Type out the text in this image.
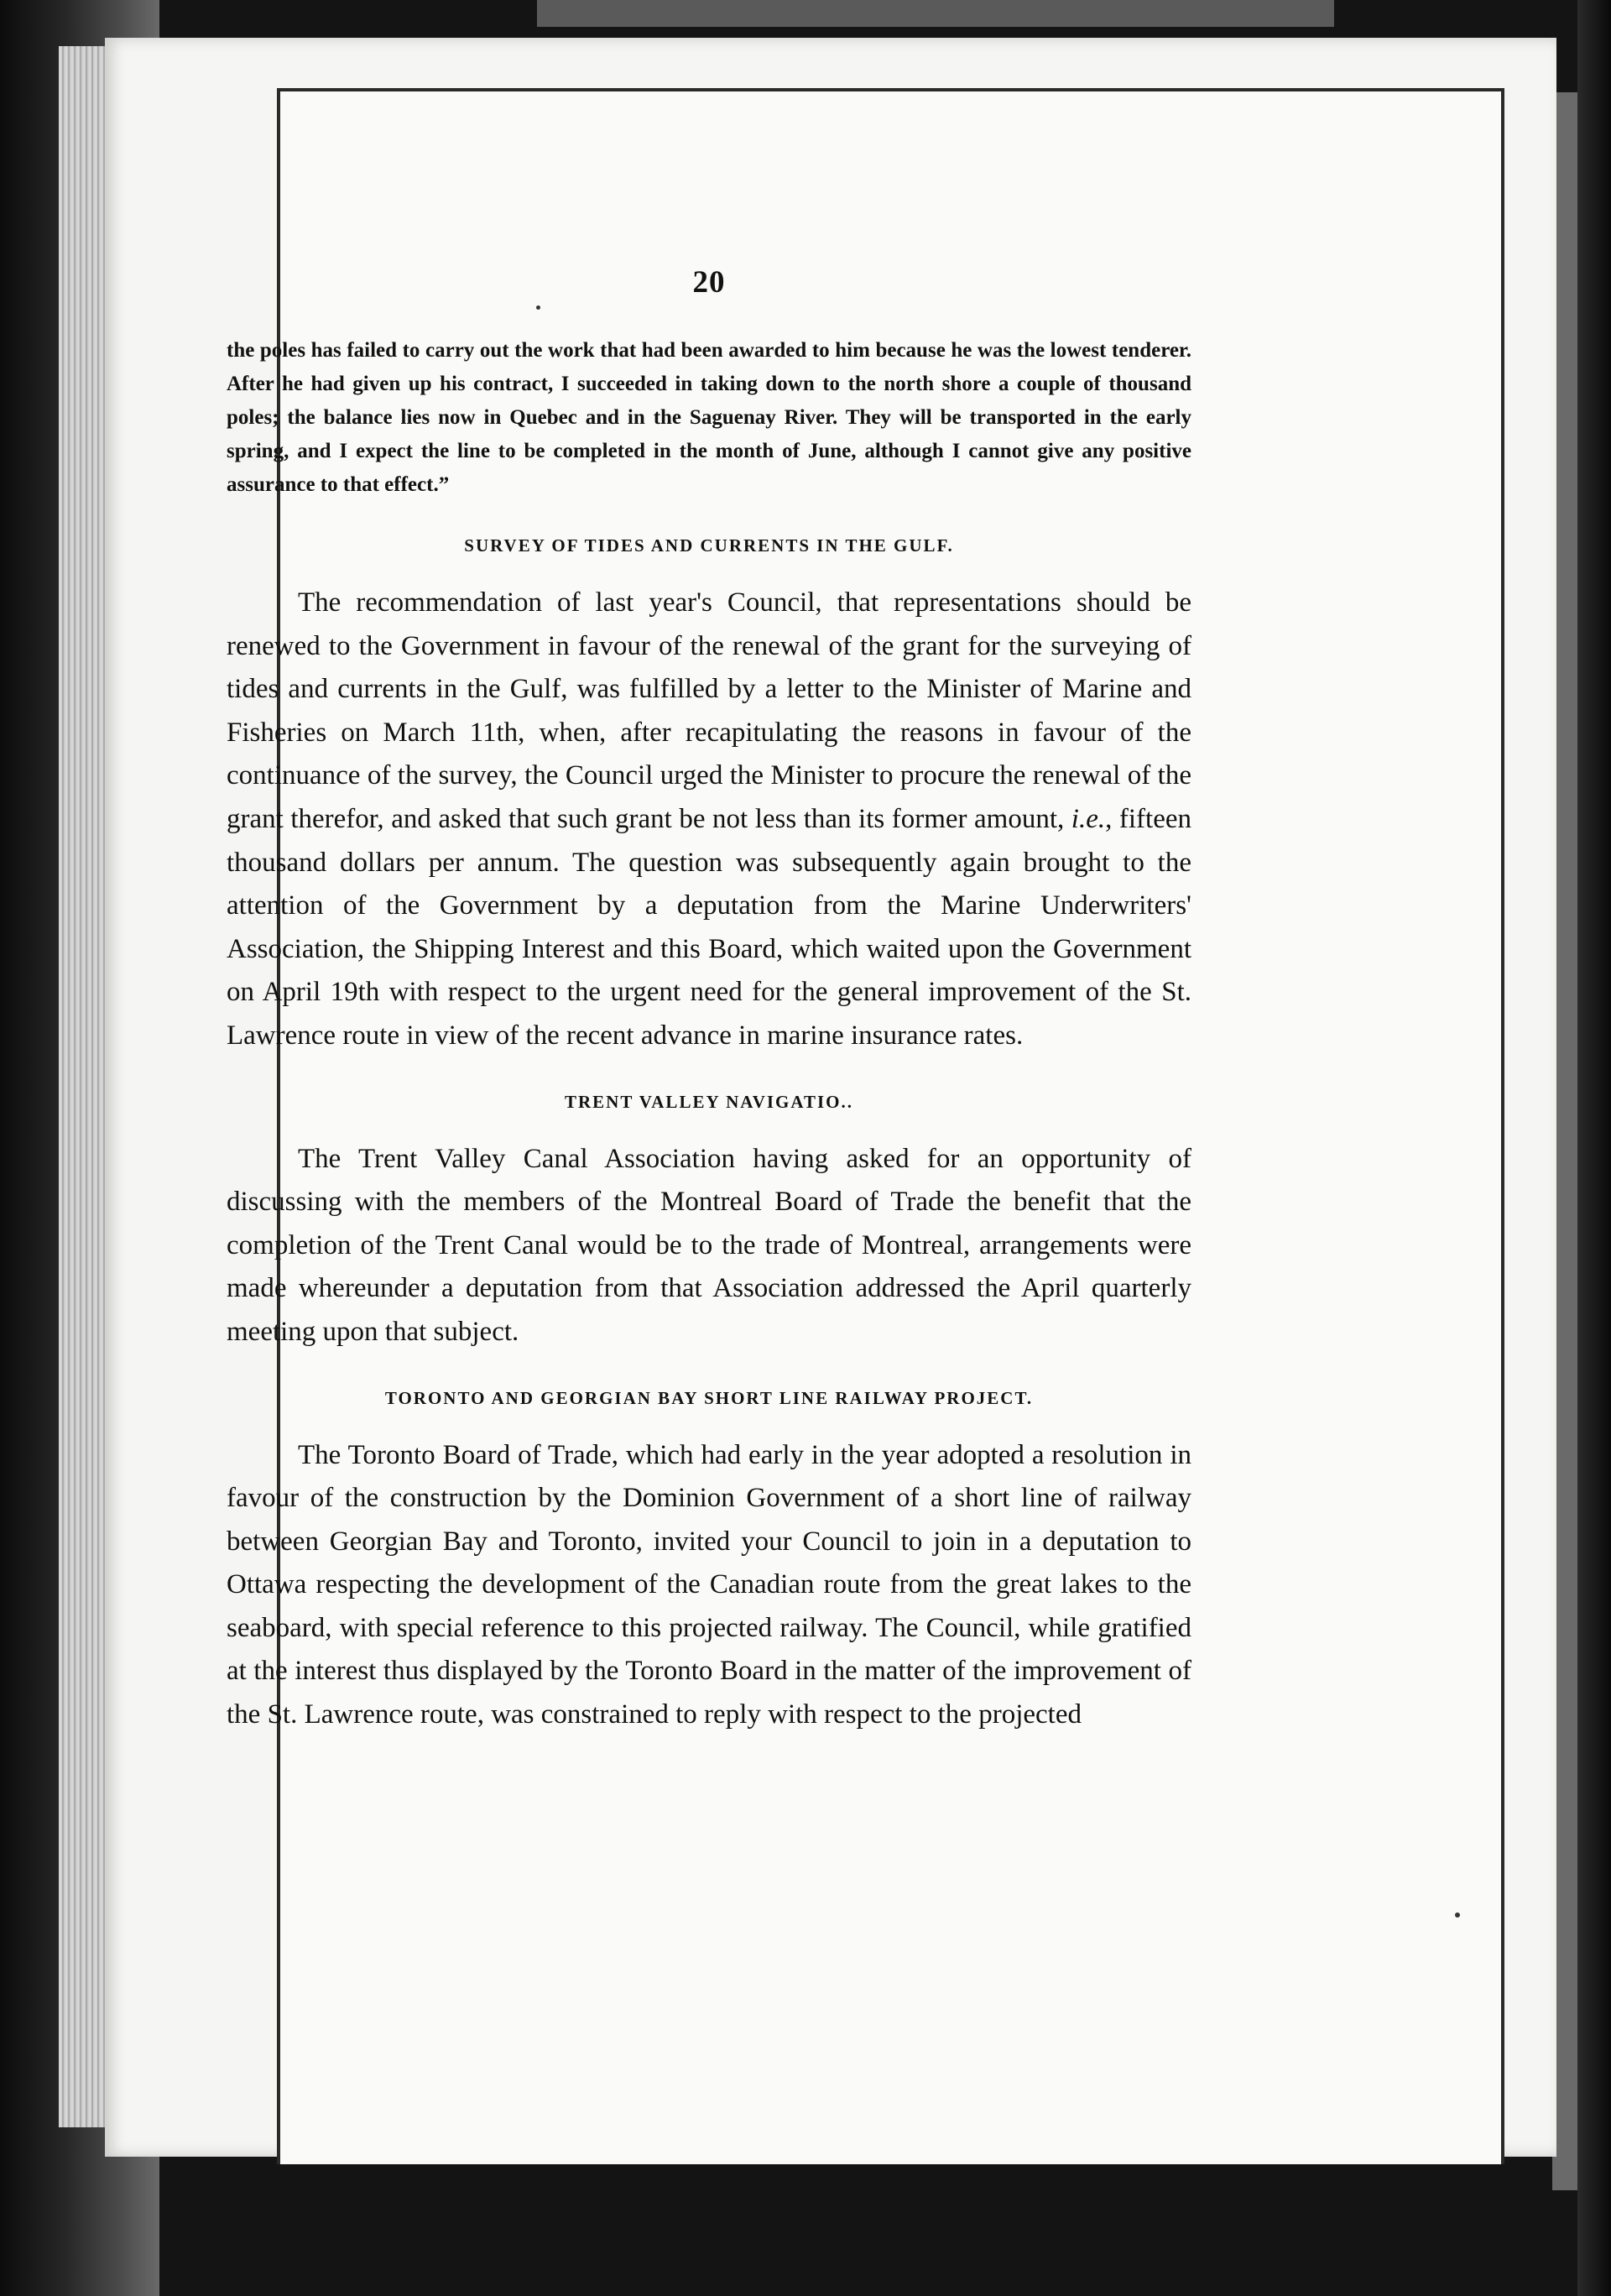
20

the poles has failed to carry out the work that had been awarded to him because he was the lowest tenderer. After he had given up his contract, I succeeded in taking down to the north shore a couple of thousand poles; the balance lies now in Quebec and in the Saguenay River. They will be transported in the early spring, and I expect the line to be completed in the month of June, although I cannot give any positive assurance to that effect.”

SURVEY OF TIDES AND CURRENTS IN THE GULF.

The recommendation of last year's Council, that representations should be renewed to the Government in favour of the renewal of the grant for the surveying of tides and currents in the Gulf, was fulfilled by a letter to the Minister of Marine and Fisheries on March 11th, when, after recapitulating the reasons in favour of the continuance of the survey, the Council urged the Minister to procure the renewal of the grant therefor, and asked that such grant be not less than its former amount, i.e., fifteen thousand dollars per annum. The question was subsequently again brought to the attention of the Government by a deputation from the Marine Underwriters' Association, the Shipping Interest and this Board, which waited upon the Government on April 19th with respect to the urgent need for the general improvement of the St. Lawrence route in view of the recent advance in marine insurance rates.

TRENT VALLEY NAVIGATIO..

The Trent Valley Canal Association having asked for an opportunity of discussing with the members of the Montreal Board of Trade the benefit that the completion of the Trent Canal would be to the trade of Montreal, arrangements were made whereunder a deputation from that Association addressed the April quarterly meeting upon that subject.

TORONTO AND GEORGIAN BAY SHORT LINE RAILWAY PROJECT.

The Toronto Board of Trade, which had early in the year adopted a resolution in favour of the construction by the Dominion Government of a short line of railway between Georgian Bay and Toronto, invited your Council to join in a deputation to Ottawa respecting the development of the Canadian route from the great lakes to the seaboard, with special reference to this projected railway. The Council, while gratified at the interest thus displayed by the Toronto Board in the matter of the improvement of the St. Lawrence route, was constrained to reply with respect to the projected
